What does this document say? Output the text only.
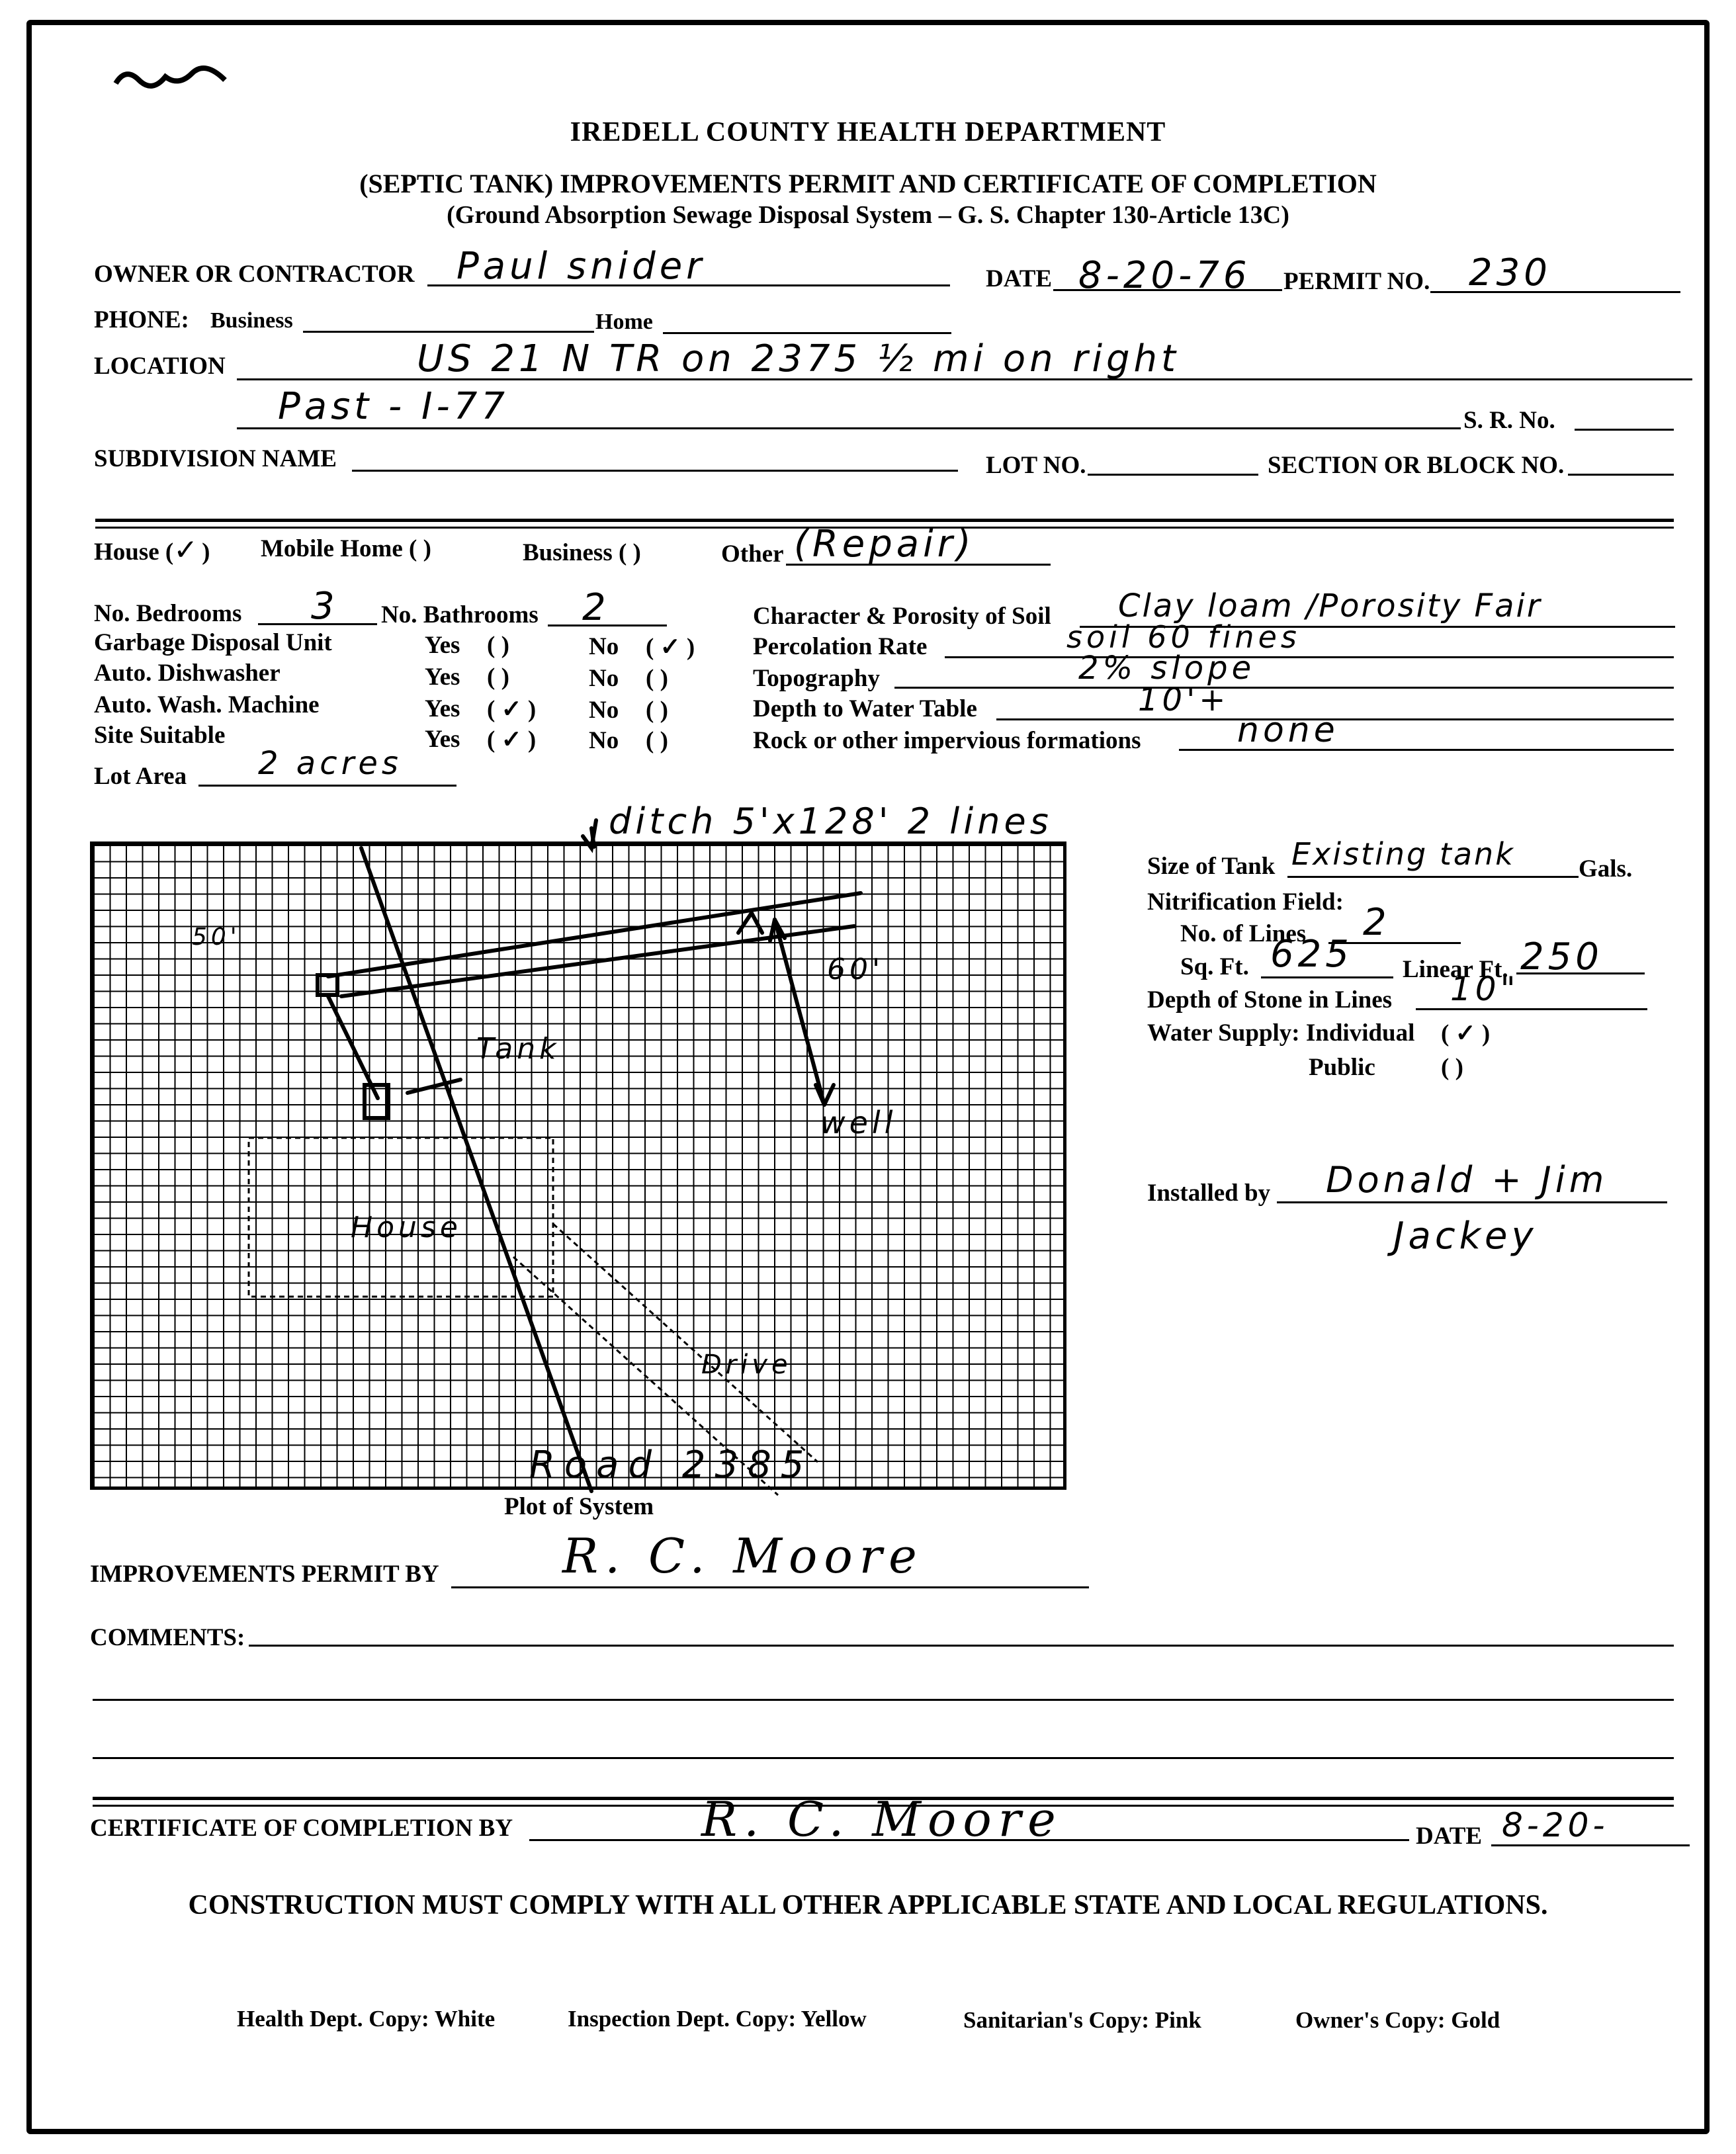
IREDELL COUNTY HEALTH DEPARTMENT
(SEPTIC TANK) IMPROVEMENTS PERMIT AND CERTIFICATE OF COMPLETION
(Ground Absorption Sewage Disposal System – G. S. Chapter 130-Article 13C)
OWNER OR CONTRACTOR Paul snider	DATE 8-20-76 PERMIT NO. 230
PHONE: Business	Home
LOCATION	US 21 N TR on 2375 ½ mi on right
Past - I-77	S. R. No.
SUBDIVISION NAME	LOT NO.	SECTION OR BLOCK NO.
House (✓) Mobile Home ( )	Business ( )	Other (Repair)
No. Bedrooms 3 No. Bathrooms 2
Garbage Disposal Unit	Yes ( )	No ( ✓ )
Auto. Dishwasher	Yes ( )	No ( )
Auto. Wash. Machine	Yes ( ✓ ) No ( )
Site Suitable	Yes ( ✓ ) No ( )
Lot Area 2 acres
Character & Porosity of Soil Clay loam /Porosity Fair
Percolation Rate	soil 60 fines
Topography	2% slope
Depth to Water Table	10'+
Rock or other impervious formations	none
ditch 5'x128' 2 lines
Tank
House
well
60'
Drive
50'
Road 2385
Plot of System
Size of Tank Existing tank	Gals.
Nitrification Field:
No. of Lines 2
Sq. Ft. 625 Linear Ft. 250
Depth of Stone in Lines 10"
Water Supply: Individual ( ✓ )
Public	( )
Installed by Donald + Jim
Jackey
IMPROVEMENTS PERMIT BY	R. C. Moore
COMMENTS:
CERTIFICATE OF COMPLETION BY	R. C. Moore	DATE 8-20-
CONSTRUCTION MUST COMPLY WITH ALL OTHER APPLICABLE STATE AND LOCAL REGULATIONS.
Health Dept. Copy: White	Inspection Dept. Copy: Yellow	Sanitarian's Copy: Pink	Owner's Copy: Gold
